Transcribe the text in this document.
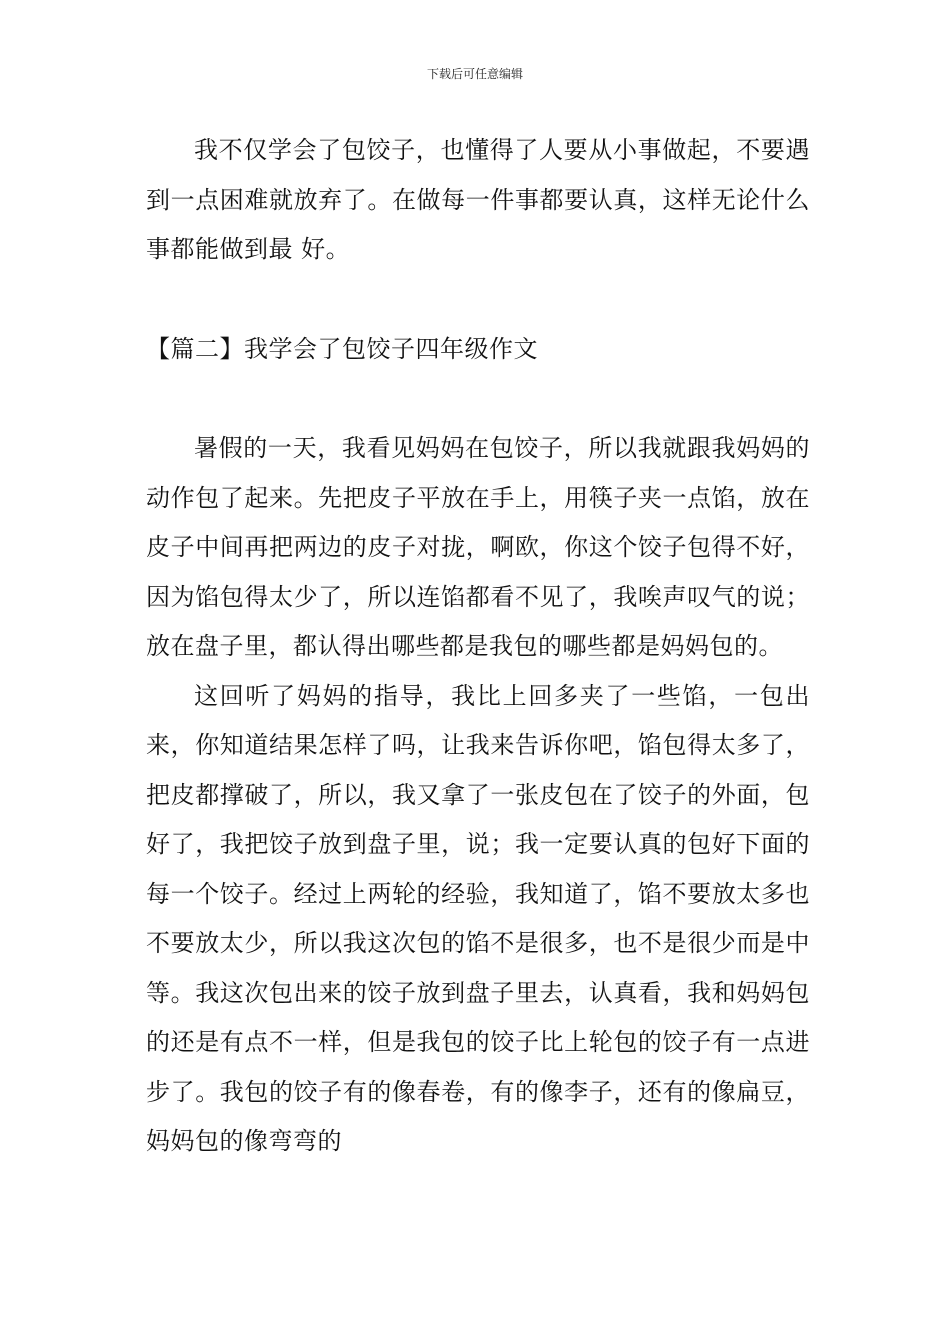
下载后可任意编辑

我不仅学会了包饺子，也懂得了人要从小事做起，不要遇到一点困难就放弃了。在做每一件事都要认真，这样无论什么事都能做到最 好。

【篇二】我学会了包饺子四年级作文

暑假的一天，我看见妈妈在包饺子，所以我就跟我妈妈的动作包了起来。先把皮子平放在手上，用筷子夹一点馅，放在皮子中间再把两边的皮子对拢，啊欧，你这个饺子包得不好，因为馅包得太少了，所以连馅都看不见了，我唉声叹气的说；放在盘子里，都认得出哪些都是我包的哪些都是妈妈包的。

这回听了妈妈的指导，我比上回多夹了一些馅，一包出来，你知道结果怎样了吗，让我来告诉你吧，馅包得太多了，把皮都撑破了，所以，我又拿了一张皮包在了饺子的外面，包好了，我把饺子放到盘子里，说；我一定要认真的包好下面的每一个饺子。经过上两轮的经验，我知道了，馅不要放太多也不要放太少，所以我这次包的馅不是很多，也不是很少而是中等。我这次包出来的饺子放到盘子里去，认真看，我和妈妈包的还是有点不一样，但是我包的饺子比上轮包的饺子有一点进步了。我包的饺子有的像春卷，有的像李子，还有的像扁豆，妈妈包的像弯弯的
